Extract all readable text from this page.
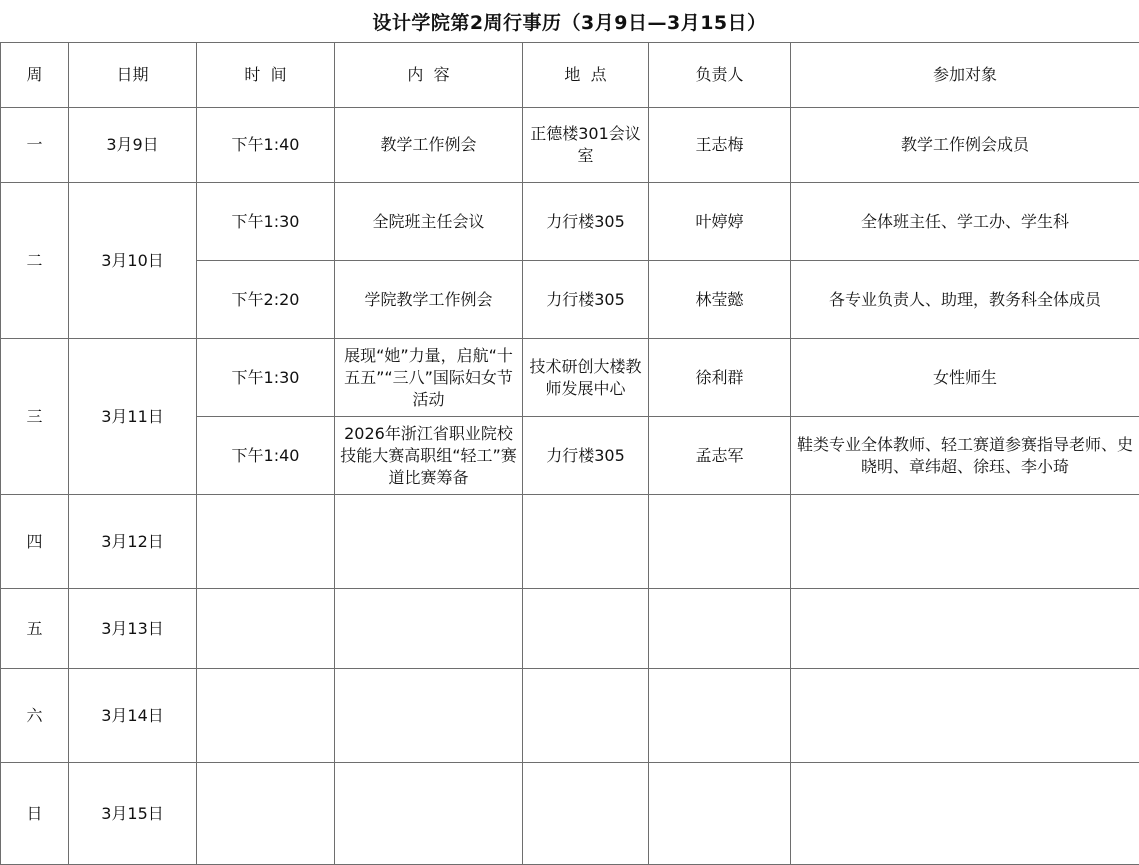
设计学院第2周行事历（3月9日—3月15日）
周	日期	时  间	内  容	地  点	负责人	参加对象
一	3月9日	下午1:40	教学工作例会	正德楼301会议室	王志梅	教学工作例会成员
二	3月10日	下午1:30	全院班主任会议	力行楼305	叶婷婷	全体班主任、学工办、学生科
		下午2:20	学院教学工作例会	力行楼305	林莹懿	各专业负责人、助理，教务科全体成员
三	3月11日	下午1:30	展现“她”力量，启航“十五五”“三八”国际妇女节活动	技术研创大楼教师发展中心	徐利群	女性师生
		下午1:40	2026年浙江省职业院校技能大赛高职组“轻工”赛道比赛筹备	力行楼305	孟志军	鞋类专业全体教师、轻工赛道参赛指导老师、史晓明、章纬超、徐珏、李小琦
四	3月12日					
五	3月13日					
六	3月14日					
日	3月15日					
